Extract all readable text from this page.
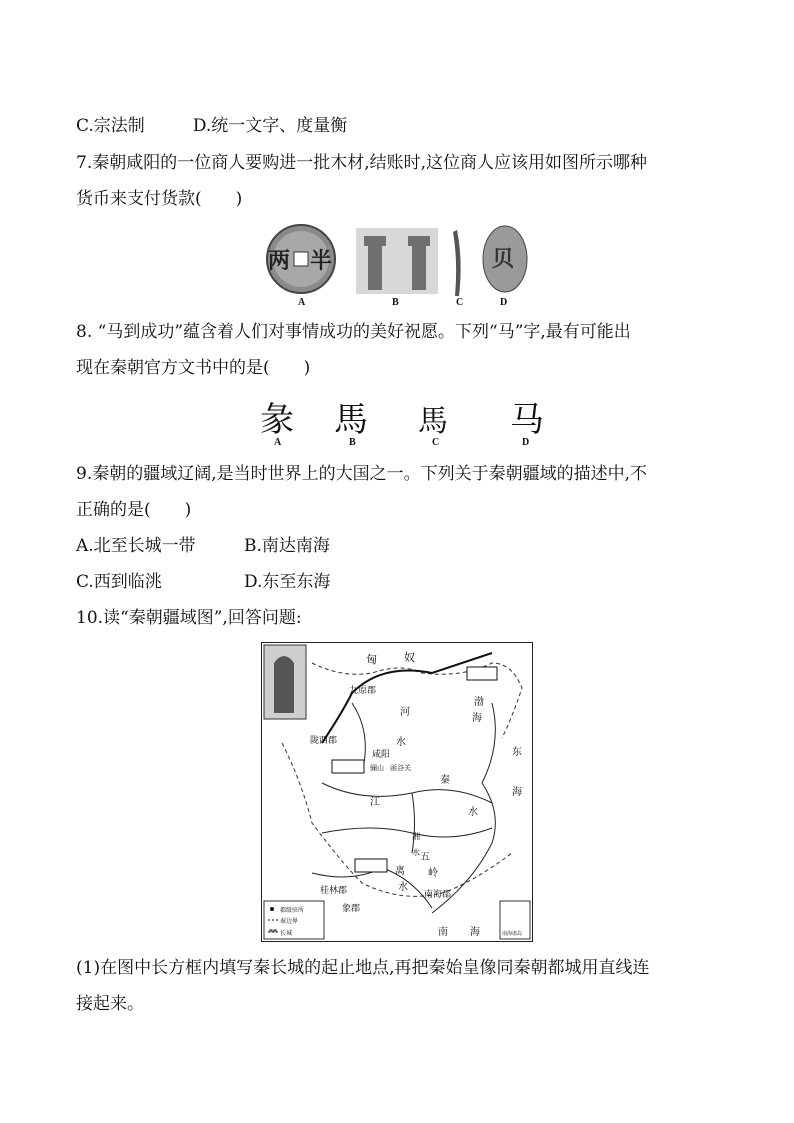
C.宗法制	D.统一文字、度量衡
7.秦朝咸阳的一位商人要购进一批木材,结账时,这位商人应该用如图所示哪种
货币来支付货款(　　)
两 半	贝
A	B	C	D
8. “马到成功”蕴含着人们对事情成功的美好祝愿。下列“马”字,最有可能出
现在秦朝官方文书中的是(　　)
彖 馬 馬 马
A	B	C	D
9.秦朝的疆域辽阔,是当时世界上的大国之一。下列关于秦朝疆域的描述中,不
正确的是(　　)
A.北至长城一带	B.南达南海
C.西到临洮	D.东至东海
10.读“秦朝疆域图”,回答问题:
匈 奴
九原郡
河
水
陇西郡
咸阳
骊山 函谷关
渤
海
秦
江
水
湘
水
东
海
五
岭
离
水
桂林郡	南海郡
象郡
南 海
郡级驻所
秦边界
长城	南海诸岛
(1)在图中长方框内填写秦长城的起止地点,再把秦始皇像同秦朝都城用直线连
接起来。
